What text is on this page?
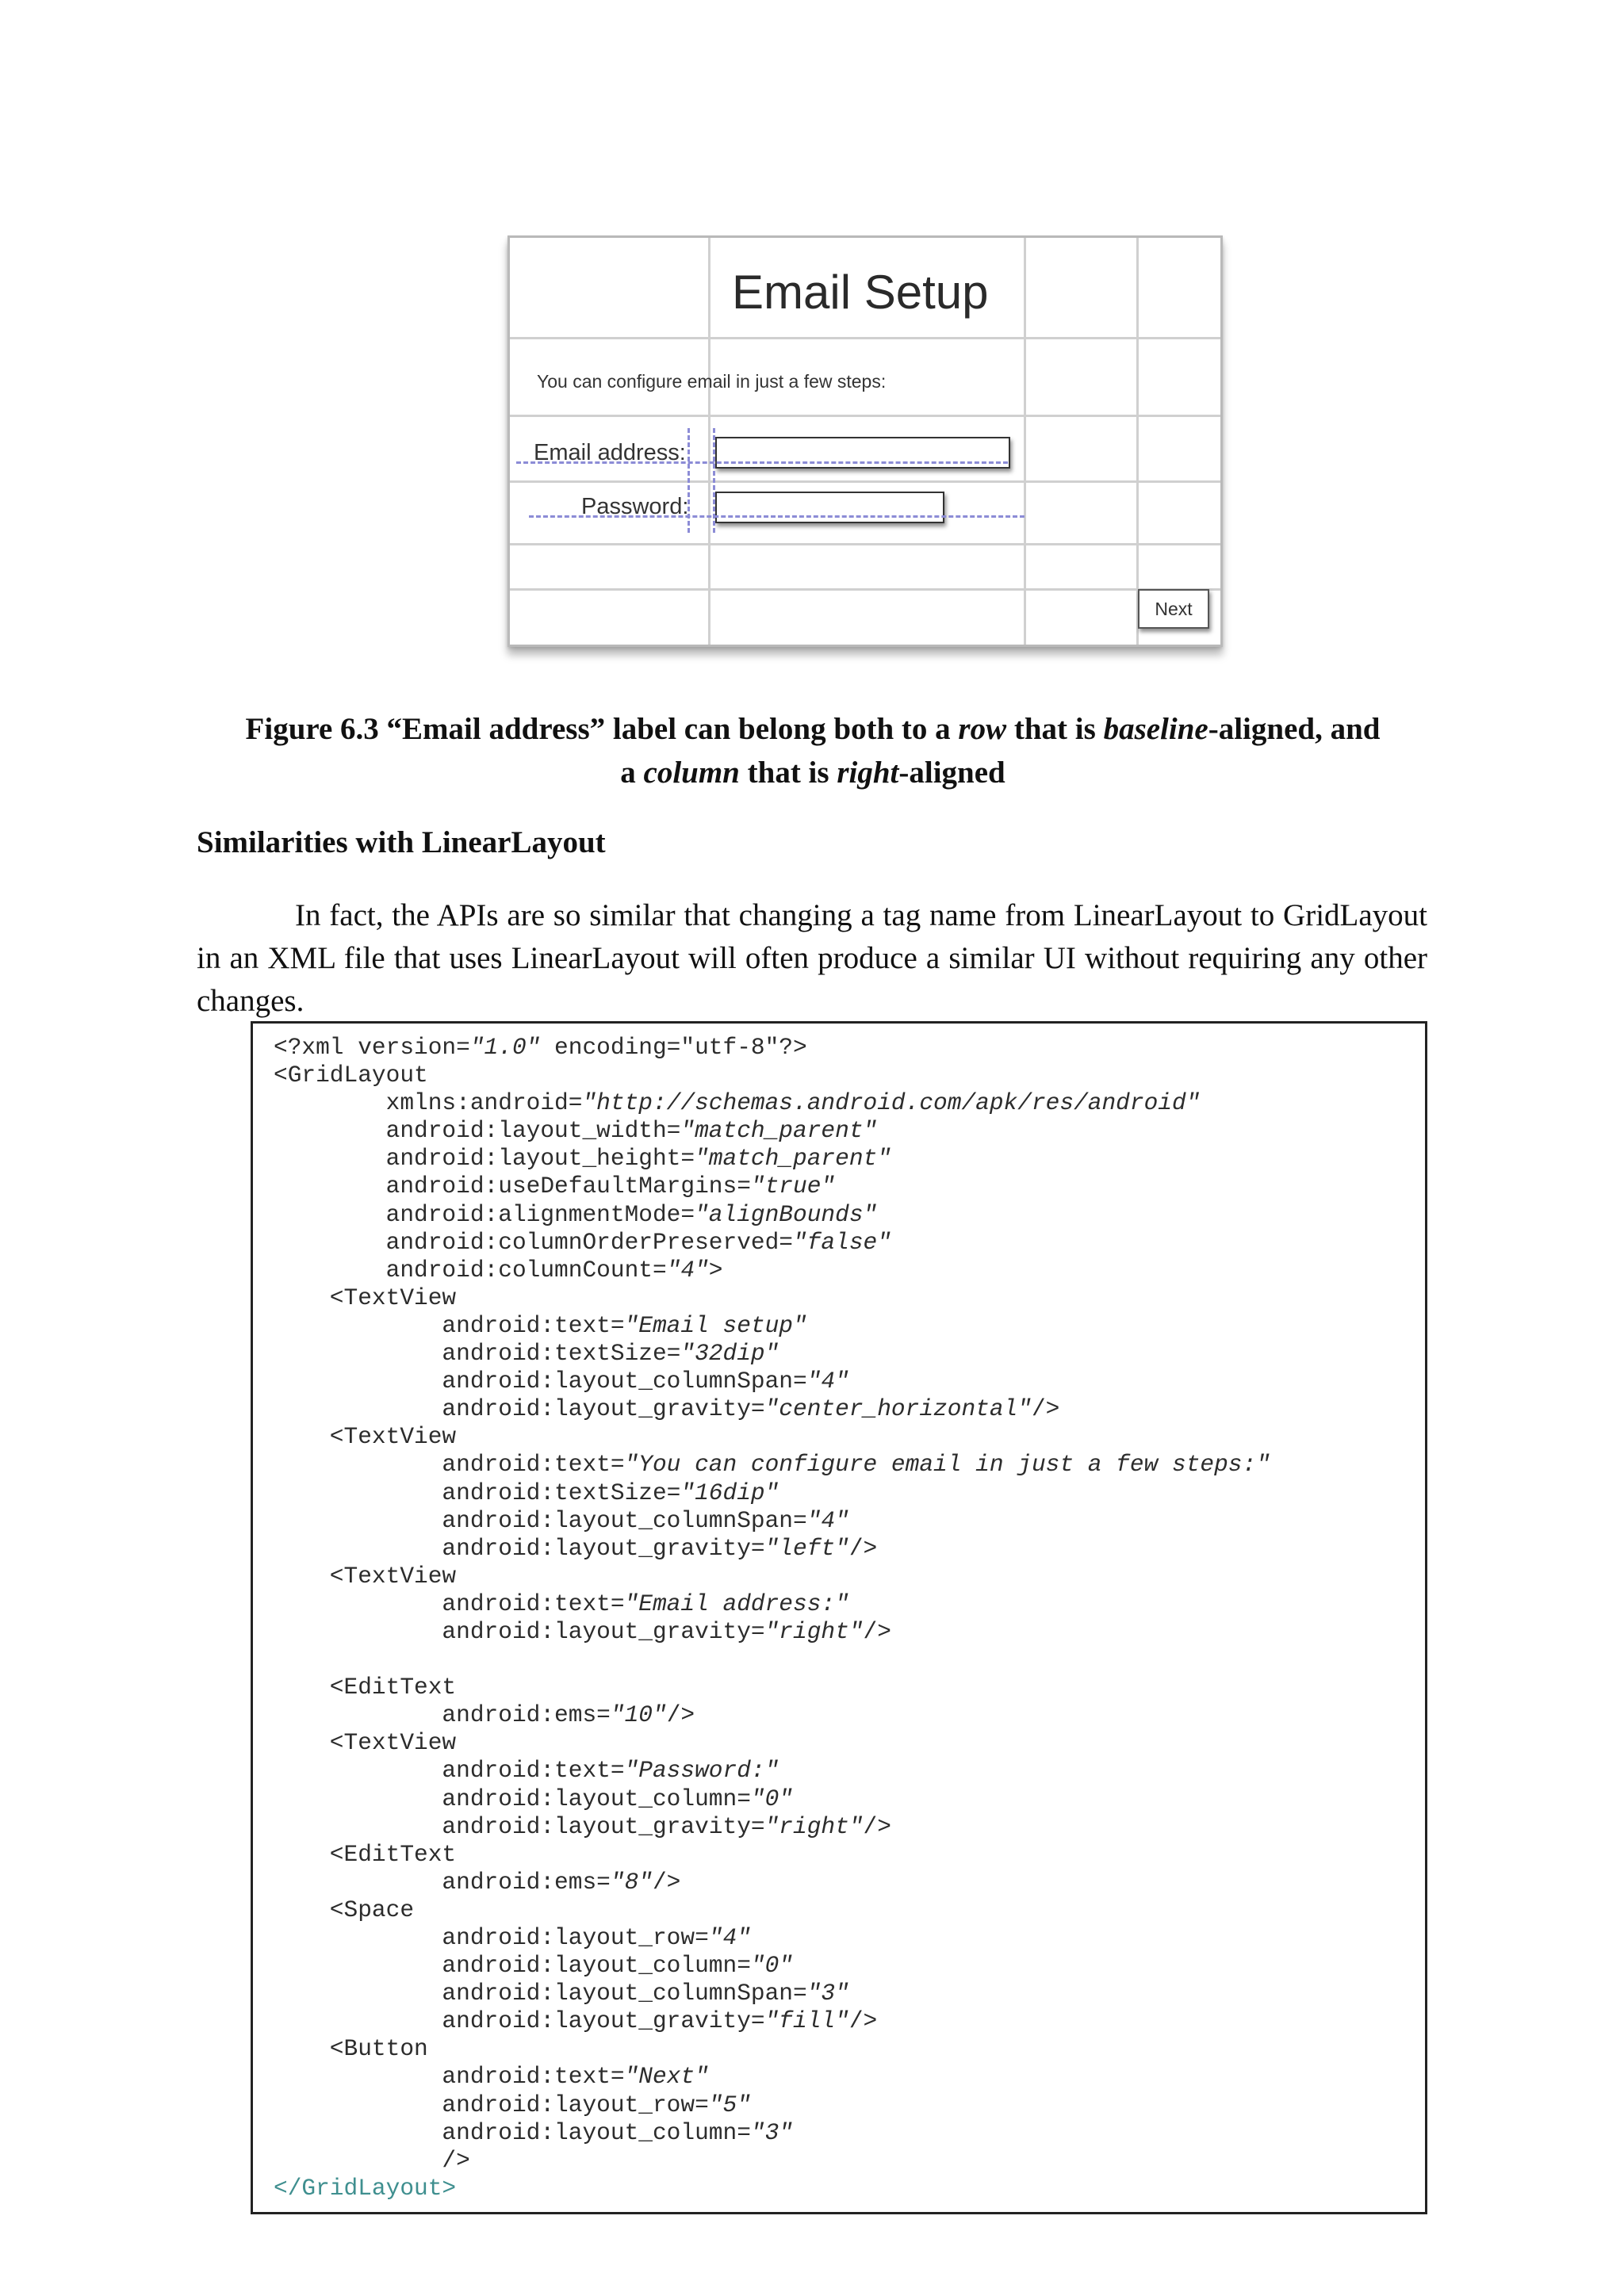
Email Setup
You can configure email in just a few steps:
Email address:
Password:
Next
Figure 6.3 “Email address” label can belong both to a row that is baseline-aligned, and
a column that is right-aligned
Similarities with LinearLayout
In fact, the APIs are so similar that changing a tag name from LinearLayout to GridLayout in an XML file that uses LinearLayout will often produce a similar UI without requiring any other changes.
<?xml version="1.0" encoding="utf-8"?>
<GridLayout
xmlns:android="http://schemas.android.com/apk/res/android"
android:layout_width="match_parent"
android:layout_height="match_parent"
android:useDefaultMargins="true"
android:alignmentMode="alignBounds"
android:columnOrderPreserved="false"
android:columnCount="4">
<TextView
android:text="Email setup"
android:textSize="32dip"
android:layout_columnSpan="4"
android:layout_gravity="center_horizontal"/>
<TextView
android:text="You can configure email in just a few steps:"
android:textSize="16dip"
android:layout_columnSpan="4"
android:layout_gravity="left"/>
<TextView
android:text="Email address:"
android:layout_gravity="right"/>
<EditText
android:ems="10"/>
<TextView
android:text="Password:"
android:layout_column="0"
android:layout_gravity="right"/>
<EditText
android:ems="8"/>
<Space
android:layout_row="4"
android:layout_column="0"
android:layout_columnSpan="3"
android:layout_gravity="fill"/>
<Button
android:text="Next"
android:layout_row="5"
android:layout_column="3"
/>
</GridLayout>
